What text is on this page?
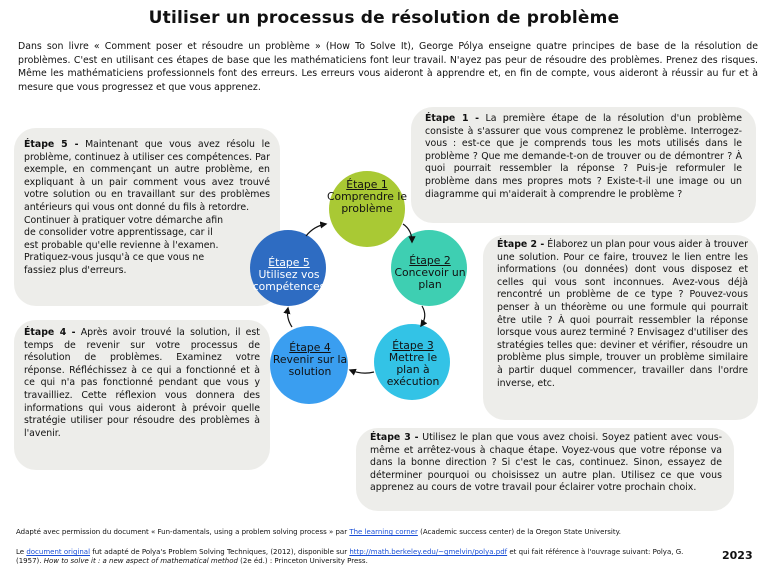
Utiliser un processus de résolution de problème
Dans son livre « Comment poser et résoudre un problème » (How To Solve It), George Pólya enseigne quatre principes de base de la résolution de problèmes. C'est en utilisant ces étapes de base que les mathématiciens font leur travail. N'ayez pas peur de résoudre des problèmes. Prenez des risques. Même les mathématiciens professionnels font des erreurs. Les erreurs vous aideront à apprendre et, en fin de compte, vous aideront à réussir au fur et à mesure que vous progressez et que vous apprenez.
Étape 1 - La première étape de la résolution d'un problème consiste à s'assurer que vous comprenez le problème. Interrogez-vous : est-ce que je comprends tous les mots utilisés dans le problème ? Que me demande-t-on de trouver ou de démontrer ? À quoi pourrait ressembler la réponse ? Puis-je reformuler le problème dans mes propres mots ? Existe-t-il une image ou un diagramme qui m'aiderait à comprendre le problème ?
Étape 2 - Élaborez un plan pour vous aider à trouver une solution. Pour ce faire, trouvez le lien entre les informations (ou données) dont vous disposez et celles qui vous sont inconnues. Avez-vous déjà rencontré un problème de ce type ? Pouvez-vous penser à un théorème ou une formule qui pourrait être utile ? À quoi pourrait ressembler la réponse lorsque vous aurez terminé ? Envisagez d'utiliser des stratégies telles que: deviner et vérifier, résoudre un problème plus simple, trouver un problème similaire à partir duquel commencer, travailler dans l'ordre inverse, etc.
Étape 3 - Utilisez le plan que vous avez choisi. Soyez patient avec vous-même et arrêtez-vous à chaque étape. Voyez-vous que votre réponse va dans la bonne direction ? Si c'est le cas, continuez. Sinon, essayez de déterminer pourquoi ou choisissez un autre plan. Utilisez ce que vous apprenez au cours de votre travail pour éclairer votre prochain choix.
Étape 4 - Après avoir trouvé la solution, il est temps de revenir sur votre processus de résolution de problèmes. Examinez votre réponse. Réfléchissez à ce qui a fonctionné et à ce qui n'a pas fonctionné pendant que vous y travailliez. Cette réflexion vous donnera des informations qui vous aideront à prévoir quelle stratégie utiliser pour résoudre des problèmes à l'avenir.
Étape 5 - Maintenant que vous avez résolu le problème, continuez à utiliser ces compétences. Par exemple, en commençant un autre problème, en expliquant à un pair comment vous avez trouvé votre solution ou en travaillant sur des problèmes antérieurs qui vous ont donné du fils à retordre.
Continuer à pratiquer votre démarche afin de consolider votre apprentissage, car il est probable qu'elle revienne à l'examen. Pratiquez-vous jusqu'à ce que vous ne fassiez plus d'erreurs.
Étape 1
Comprendre le problème
Étape 2
Concevoir un plan
Étape 3
Mettre le plan à exécution
Étape 4
Revenir sur la solution
Étape 5
Utilisez vos compétences
Adapté avec permission du document « Fun-damentals, using a problem solving process » par The learning corner (Academic success center) de la Oregon State University.
Le document original fut adapté de Polya's Problem Solving Techniques, (2012), disponible sur http://math.berkeley.edu/~gmelvin/polya.pdf et qui fait référence à l'ouvrage suivant: Polya, G. (1957). How to solve it : a new aspect of mathematical method (2e éd.) : Princeton University Press.	2023
